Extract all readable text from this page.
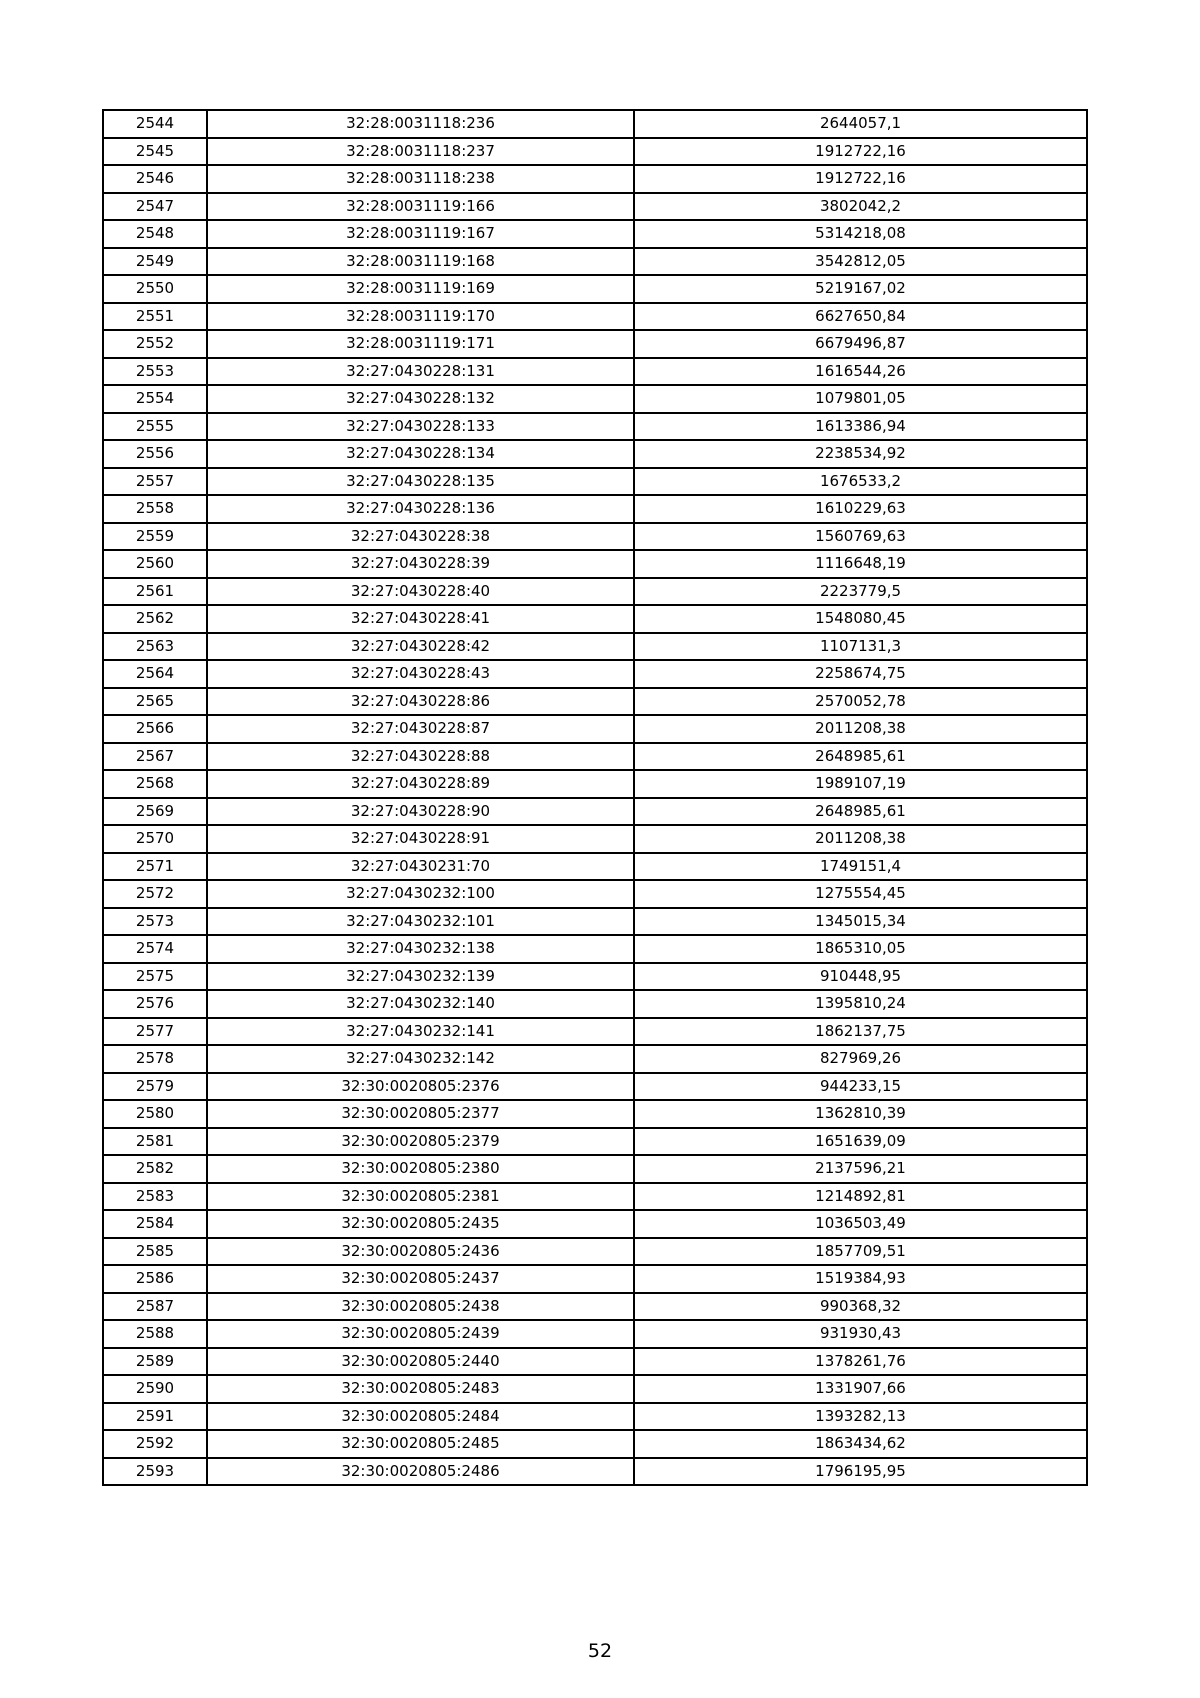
2544	32:28:0031118:236	2644057,1
2545	32:28:0031118:237	1912722,16
2546	32:28:0031118:238	1912722,16
2547	32:28:0031119:166	3802042,2
2548	32:28:0031119:167	5314218,08
2549	32:28:0031119:168	3542812,05
2550	32:28:0031119:169	5219167,02
2551	32:28:0031119:170	6627650,84
2552	32:28:0031119:171	6679496,87
2553	32:27:0430228:131	1616544,26
2554	32:27:0430228:132	1079801,05
2555	32:27:0430228:133	1613386,94
2556	32:27:0430228:134	2238534,92
2557	32:27:0430228:135	1676533,2
2558	32:27:0430228:136	1610229,63
2559	32:27:0430228:38	1560769,63
2560	32:27:0430228:39	1116648,19
2561	32:27:0430228:40	2223779,5
2562	32:27:0430228:41	1548080,45
2563	32:27:0430228:42	1107131,3
2564	32:27:0430228:43	2258674,75
2565	32:27:0430228:86	2570052,78
2566	32:27:0430228:87	2011208,38
2567	32:27:0430228:88	2648985,61
2568	32:27:0430228:89	1989107,19
2569	32:27:0430228:90	2648985,61
2570	32:27:0430228:91	2011208,38
2571	32:27:0430231:70	1749151,4
2572	32:27:0430232:100	1275554,45
2573	32:27:0430232:101	1345015,34
2574	32:27:0430232:138	1865310,05
2575	32:27:0430232:139	910448,95
2576	32:27:0430232:140	1395810,24
2577	32:27:0430232:141	1862137,75
2578	32:27:0430232:142	827969,26
2579	32:30:0020805:2376	944233,15
2580	32:30:0020805:2377	1362810,39
2581	32:30:0020805:2379	1651639,09
2582	32:30:0020805:2380	2137596,21
2583	32:30:0020805:2381	1214892,81
2584	32:30:0020805:2435	1036503,49
2585	32:30:0020805:2436	1857709,51
2586	32:30:0020805:2437	1519384,93
2587	32:30:0020805:2438	990368,32
2588	32:30:0020805:2439	931930,43
2589	32:30:0020805:2440	1378261,76
2590	32:30:0020805:2483	1331907,66
2591	32:30:0020805:2484	1393282,13
2592	32:30:0020805:2485	1863434,62
2593	32:30:0020805:2486	1796195,95
52
